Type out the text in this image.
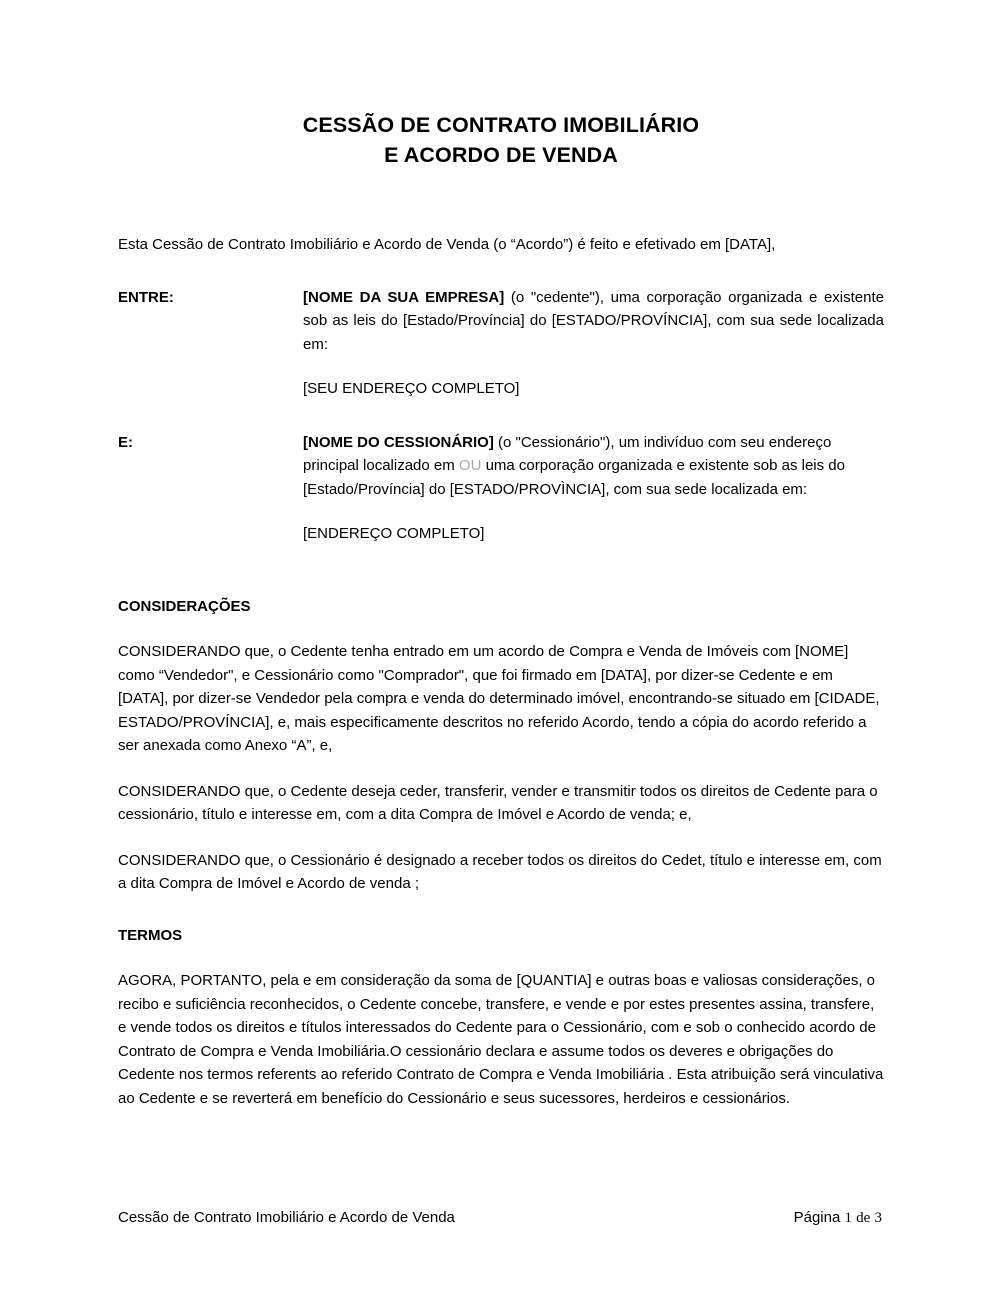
CESSÃO DE CONTRATO IMOBILIÁRIO
E ACORDO DE VENDA

Esta Cessão de Contrato Imobiliário e Acordo de Venda (o “Acordo”) é feito e efetivado em [DATA],

ENTRE:	[NOME DA SUA EMPRESA] (o "cedente"), uma corporação organizada e existente sob as leis do [Estado/Província] do [ESTADO/PROVÍNCIA], com sua sede localizada em:
[SEU ENDEREÇO COMPLETO]
E:	[NOME DO CESSIONÁRIO] (o "Cessionário"), um indivíduo com seu endereço principal localizado em OU uma corporação organizada e existente sob as leis do [Estado/Província] do [ESTADO/PROVÌNCIA], com sua sede localizada em:
[ENDEREÇO COMPLETO]
CONSIDERAÇÕES

CONSIDERANDO que, o Cedente tenha entrado em um acordo de Compra e Venda de Imóveis com [NOME] como “Vendedor", e Cessionário como "Comprador", que foi firmado em [DATA], por dizer-se Cedente e em [DATA], por dizer-se Vendedor pela compra e venda do determinado imóvel, encontrando-se situado em [CIDADE, ESTADO/PROVÍNCIA], e, mais especificamente descritos no referido Acordo, tendo a cópia do acordo referido a ser anexada como Anexo “A”, e,

CONSIDERANDO que, o Cedente deseja ceder, transferir, vender e transmitir todos os direitos de Cedente para o cessionário, título e interesse em, com a dita Compra de Imóvel e Acordo de venda; e,

CONSIDERANDO que, o Cessionário é designado a receber todos os direitos do Cedet, título e interesse em, com a dita Compra de Imóvel e Acordo de venda ;

TERMOS

AGORA, PORTANTO, pela e em consideração da soma de [QUANTIA] e outras boas e valiosas considerações, o recibo e suficiência reconhecidos, o Cedente concebe, transfere, e vende e por estes presentes assina, transfere, e vende todos os direitos e títulos interessados do Cedente para o Cessionário, com e sob o conhecido acordo de Contrato de Compra e Venda Imobiliária.O cessionário declara e assume todos os deveres e obrigações do Cedente nos termos referents ao referido Contrato de Compra e Venda Imobiliária . Esta atribuição será vinculativa ao Cedente e se reverterá em benefício do Cessionário e seus sucessores, herdeiros e cessionários.

Cessão de Contrato Imobiliário e Acordo de Venda	Página 1 de 3
